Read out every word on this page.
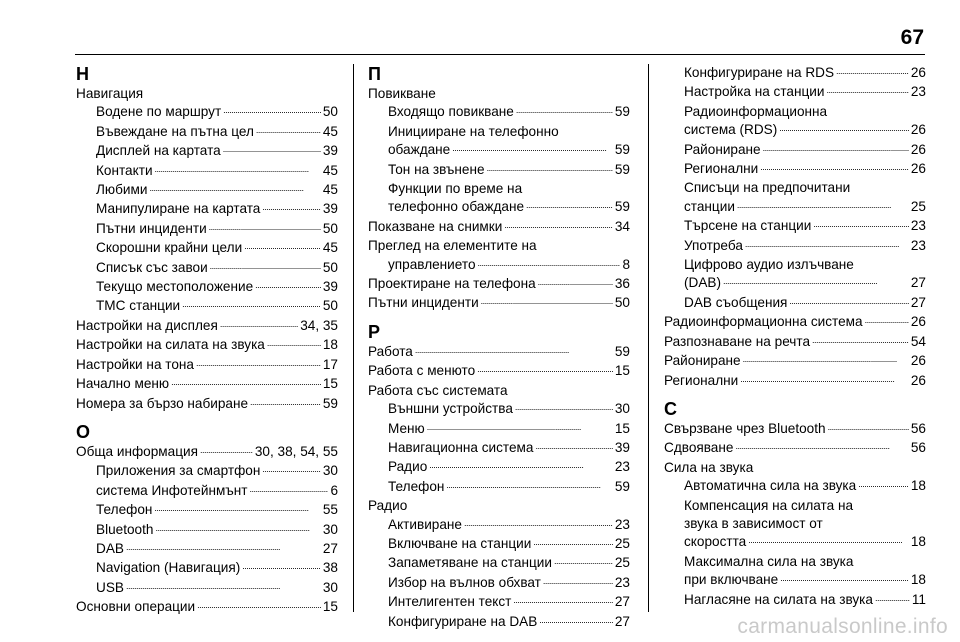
67
Н
Навигация
Водене по маршрут . . .	50
Въвеждане на пътна цел . . .	45
Дисплей на картата . . .	39
Контакти . . .	45
Любими . . .	45
Манипулиране на картата . . .	39
Пътни инциденти . . .	50
Скорошни крайни цели . . .	45
Списък със завои . . .	50
Текущо местоположение . . .	39
TMC станции . . .	50
Настройки на дисплея . . .	34, 35
Настройки на силата на звука . . .	18
Настройки на тона . . .	17
Начално меню . . .	15
Номера за бързо набиране . . .	59
О
Обща информация . . .	30, 38, 54, 55
Приложения за смартфон . . .	30
система Инфотейнмънт . . .	6
Телефон . . .	55
Bluetooth . . .	30
DAB . . .	27
Navigation (Навигация) . . .	38
USB . . .	30
Основни операции . . .	15
П
Повикване
Входящо повикване . . .	59
Иницииране на телефонно
обаждане . . .	59
Тон на звънене . . .	59
Функции по време на
телефонно обаждане . . .	59
Показване на снимки . . .	34
Преглед на елементите на
управлението . . .	8
Проектиране на телефона . . .	36
Пътни инциденти . . .	50
Р
Работа . . .	59
Работа с менюто . . .	15
Работа със системата
Външни устройства . . .	30
Меню . . .	15
Навигационна система . . .	39
Радио . . .	23
Телефон . . .	59
Радио
Активиране . . .	23
Включване на станции . . .	25
Запаметяване на станции . . .	25
Избор на вълнов обхват . . .	23
Интелигентен текст . . .	27
Конфигуриране на DAB . . .	27
Конфигуриране на RDS . . .	26
Настройка на станции . . .	23
Радиоинформационна
система (RDS) . . .	26
Райониране . . .	26
Регионални . . .	26
Списъци на предпочитани
станции . . .	25
Търсене на станции . . .	23
Употреба . . .	23
Цифрово аудио излъчване
(DAB) . . .	27
DAB съобщения . . .	27
Радиоинформационна система . . .	26
Разпознаване на речта . . .	54
Райониране . . .	26
Регионални . . .	26
С
Свързване чрез Bluetooth . . .	56
Сдвояване . . .	56
Сила на звука
Автоматична сила на звука . . .	18
Компенсация на силата на
звука в зависимост от
скоростта . . .	18
Максимална сила на звука
при включване . . .	18
Нагласяне на силата на звука . . .	11
carmanualsonline.info
